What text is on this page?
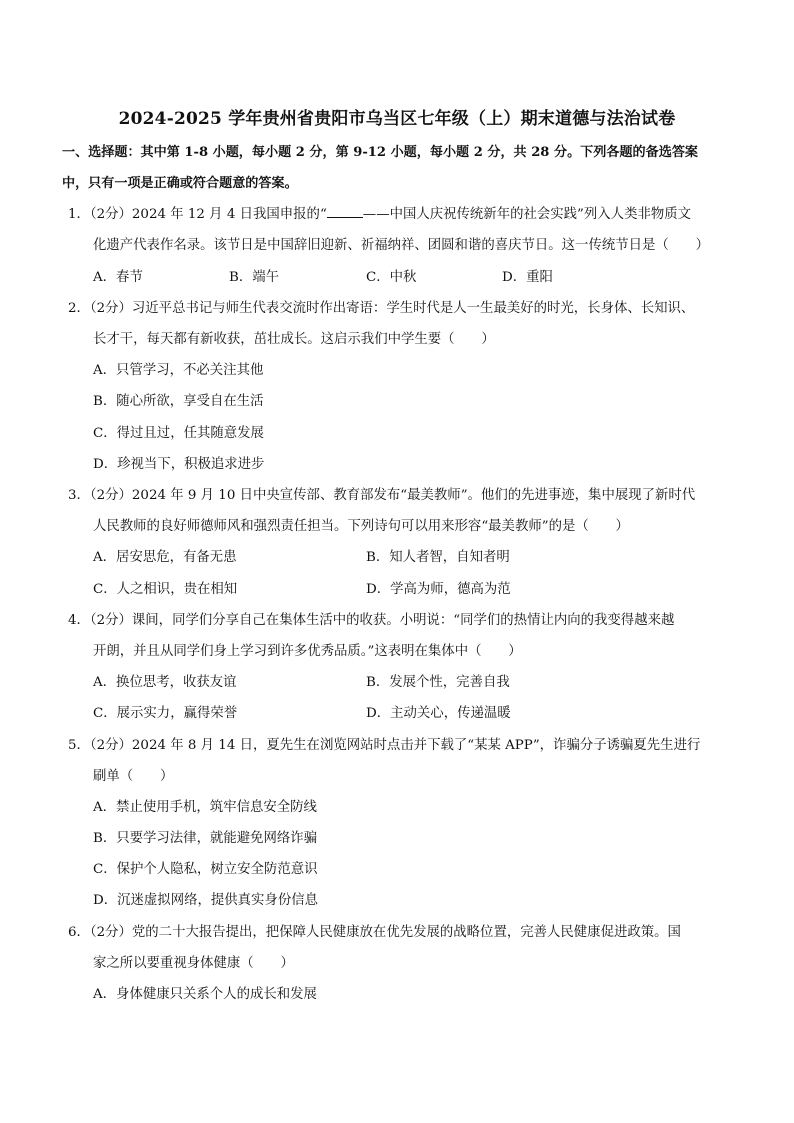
2024-2025 学年贵州省贵阳市乌当区七年级（上）期末道德与法治试卷
一、选择题：其中第 1-8 小题，每小题 2 分，第 9-12 小题，每小题 2 分，共 28 分。下列各题的备选答案
中，只有一项是正确或符合题意的答案。
1．（2分）2024 年 12 月 4 日我国申报的“	——中国人庆祝传统新年的社会实践”列入人类非物质文
化遗产代表作名录。该节日是中国辞旧迎新、祈福纳祥、团圆和谐的喜庆节日。这一传统节日是（　　）
A．春节	B．端午	C．中秋	D．重阳
2．（2分）习近平总书记与师生代表交流时作出寄语：学生时代是人一生最美好的时光，长身体、长知识、
长才干，每天都有新收获，茁壮成长。这启示我们中学生要（　　）
A．只管学习，不必关注其他
B．随心所欲，享受自在生活
C．得过且过，任其随意发展
D．珍视当下，积极追求进步
3．（2分）2024 年 9 月 10 日中央宣传部、教育部发布“最美教师”。他们的先进事迹，集中展现了新时代
人民教师的良好师德师风和强烈责任担当。下列诗句可以用来形容“最美教师”的是（　　）
A．居安思危，有备无患	B．知人者智，自知者明
C．人之相识，贵在相知	D．学高为师，德高为范
4．（2分）课间，同学们分享自己在集体生活中的收获。小明说：“同学们的热情让内向的我变得越来越
开朗，并且从同学们身上学习到许多优秀品质。”这表明在集体中（　　）
A．换位思考，收获友谊	B．发展个性，完善自我
C．展示实力，赢得荣誉	D．主动关心，传递温暖
5．（2分）2024 年 8 月 14 日，夏先生在浏览网站时点击并下载了“某某 APP”，诈骗分子诱骗夏先生进行
刷单（　　）
A．禁止使用手机，筑牢信息安全防线
B．只要学习法律，就能避免网络诈骗
C．保护个人隐私，树立安全防范意识
D．沉迷虚拟网络，提供真实身份信息
6．（2分）党的二十大报告提出，把保障人民健康放在优先发展的战略位置，完善人民健康促进政策。国
家之所以要重视身体健康（　　）
A．身体健康只关系个人的成长和发展
